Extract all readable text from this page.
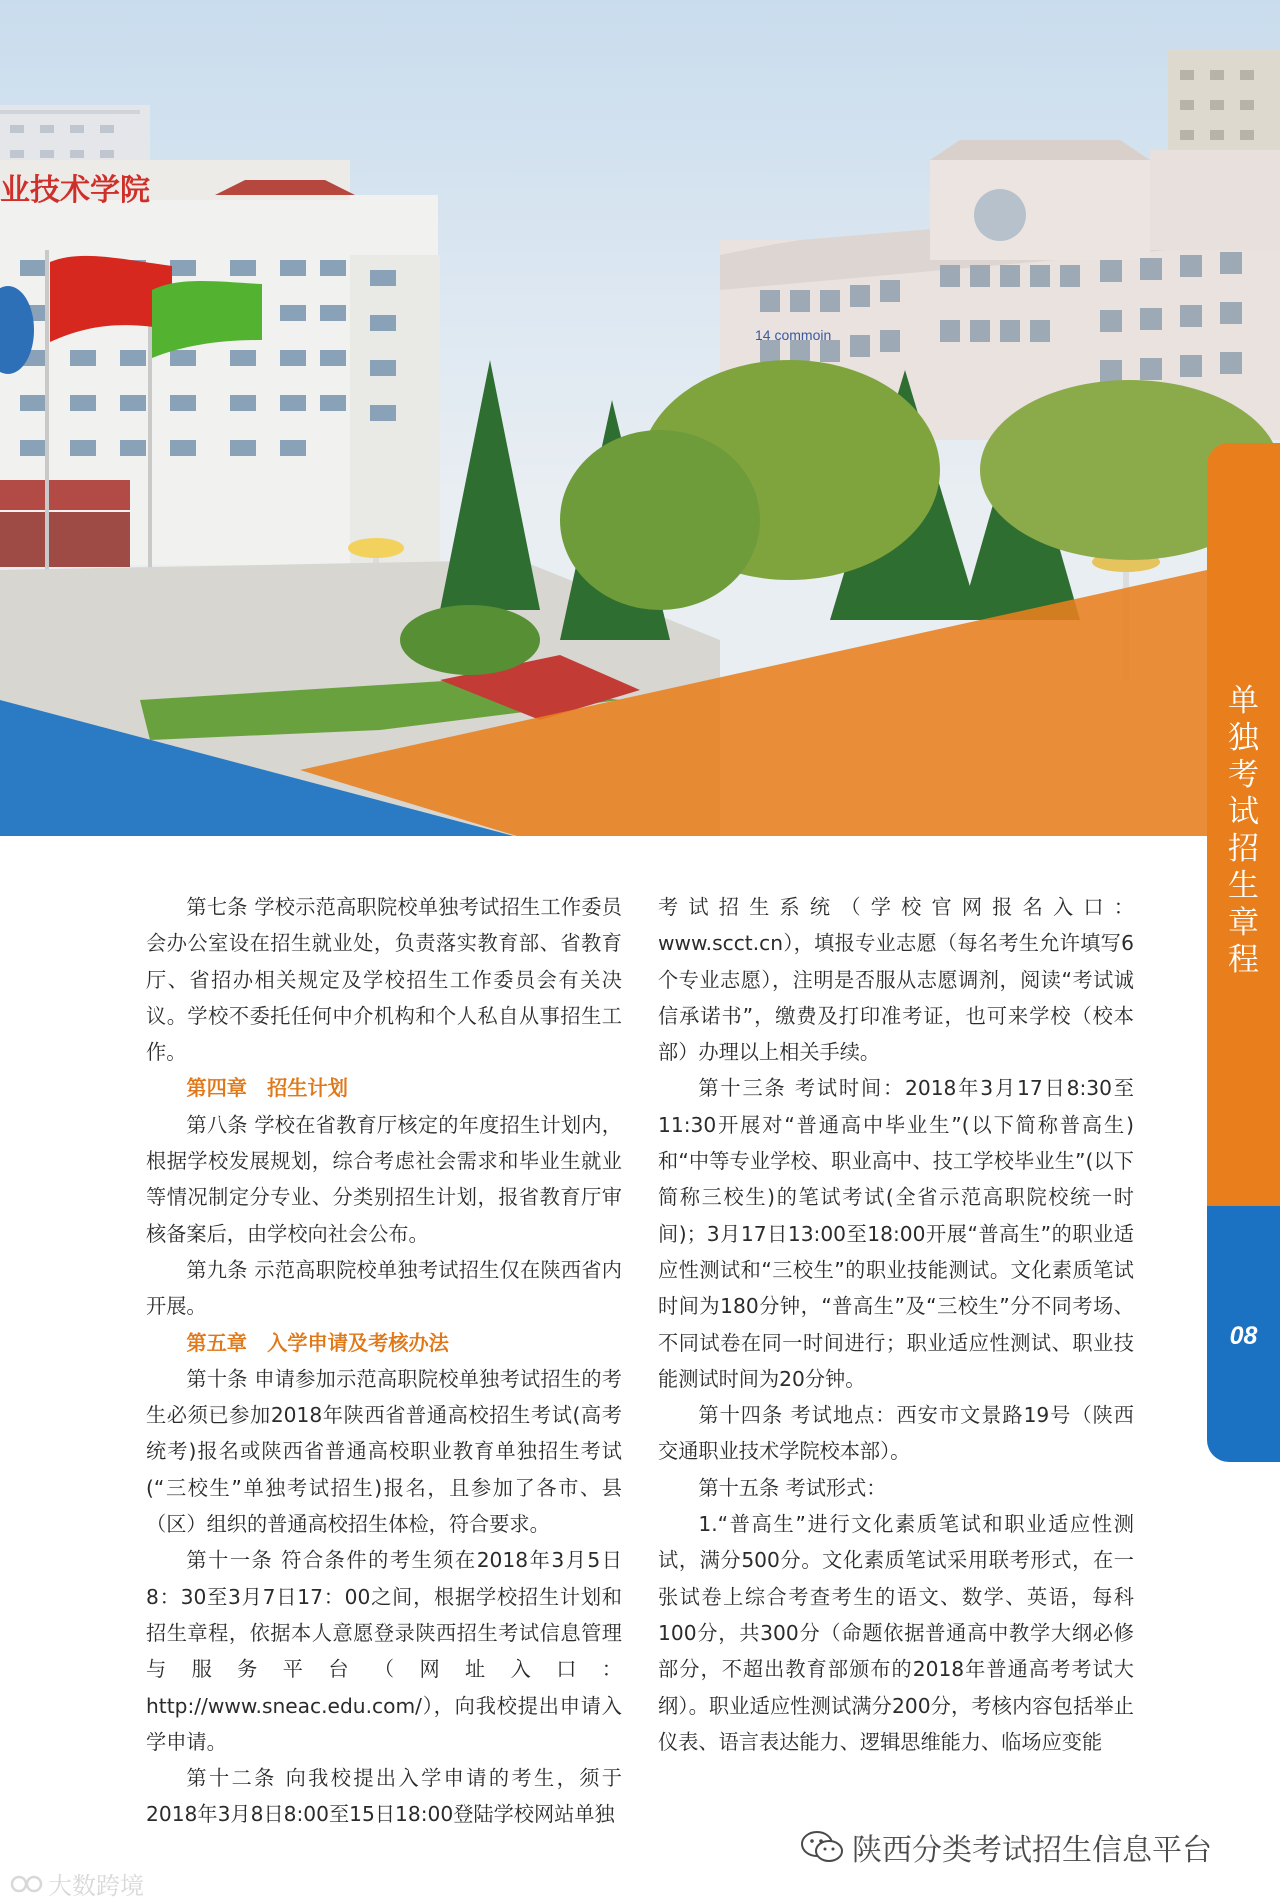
业技术学院
14 commoin
单
独
考
试
招
生
章
程
08

第七条 学校示范高职院校单独考试招生工作委员会办公室设在招生就业处，负责落实教育部、省教育厅、省招办相关规定及学校招生工作委员会有关决议。学校不委托任何中介机构和个人私自从事招生工作。

第四章　招生计划

第八条 学校在省教育厅核定的年度招生计划内，根据学校发展规划，综合考虑社会需求和毕业生就业等情况制定分专业、分类别招生计划，报省教育厅审核备案后，由学校向社会公布。

第九条 示范高职院校单独考试招生仅在陕西省内开展。

第五章　入学申请及考核办法

第十条 申请参加示范高职院校单独考试招生的考生必须已参加2018年陕西省普通高校招生考试(高考统考)报名或陕西省普通高校职业教育单独招生考试(“三校生”单独考试招生)报名，且参加了各市、县（区）组织的普通高校招生体检，符合要求。

第十一条 符合条件的考生须在2018年3月5日8：30至3月7日17：00之间，根据学校招生计划和招生章程，依据本人意愿登录陕西招生考试信息管理与服务平台（网址入口：http://www.sneac.edu.com/），向我校提出申请入学申请。

第十二条 向我校提出入学申请的考生，须于2018年3月8日8:00至15日18:00登陆学校网站单独

考试招生系统（学校官网报名入口：www.scct.cn），填报专业志愿（每名考生允许填写6个专业志愿），注明是否服从志愿调剂，阅读“考试诚信承诺书”，缴费及打印准考证，也可来学校（校本部）办理以上相关手续。

第十三条 考试时间：2018年3月17日8:30至11:30开展对“普通高中毕业生”(以下简称普高生)和“中等专业学校、职业高中、技工学校毕业生”(以下简称三校生)的笔试考试(全省示范高职院校统一时间)；3月17日13:00至18:00开展“普高生”的职业适应性测试和“三校生”的职业技能测试。文化素质笔试时间为180分钟，“普高生”及“三校生”分不同考场、不同试卷在同一时间进行；职业适应性测试、职业技能测试时间为20分钟。

第十四条 考试地点：西安市文景路19号（陕西交通职业技术学院校本部）。

第十五条 考试形式：

1.“普高生”进行文化素质笔试和职业适应性测试，满分500分。文化素质笔试采用联考形式，在一张试卷上综合考查考生的语文、数学、英语，每科100分，共300分（命题依据普通高中教学大纲必修部分，不超出教育部颁布的2018年普通高考考试大纲）。职业适应性测试满分200分，考核内容包括举止仪表、语言表达能力、逻辑思维能力、临场应变能

陕西分类考试招生信息平台
大数跨境
